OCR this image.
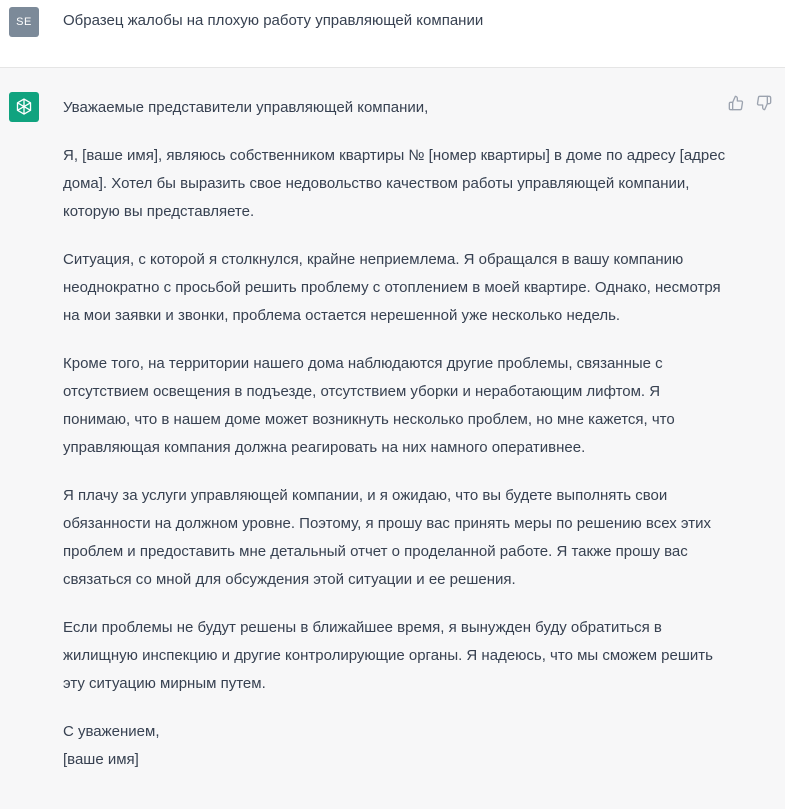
SE	Образец жалобы на плохую работу управляющей компании

Уважаемые представители управляющей компании,

Я, [ваше имя], являюсь собственником квартиры № [номер квартиры] в доме по адресу [адрес дома]. Хотел бы выразить свое недовольство качеством работы управляющей компании, которую вы представляете.

Ситуация, с которой я столкнулся, крайне неприемлема. Я обращался в вашу компанию неоднократно с просьбой решить проблему с отоплением в моей квартире. Однако, несмотря на мои заявки и звонки, проблема остается нерешенной уже несколько недель.

Кроме того, на территории нашего дома наблюдаются другие проблемы, связанные с отсутствием освещения в подъезде, отсутствием уборки и неработающим лифтом. Я понимаю, что в нашем доме может возникнуть несколько проблем, но мне кажется, что управляющая компания должна реагировать на них намного оперативнее.

Я плачу за услуги управляющей компании, и я ожидаю, что вы будете выполнять свои обязанности на должном уровне. Поэтому, я прошу вас принять меры по решению всех этих проблем и предоставить мне детальный отчет о проделанной работе. Я также прошу вас связаться со мной для обсуждения этой ситуации и ее решения.

Если проблемы не будут решены в ближайшее время, я вынужден буду обратиться в жилищную инспекцию и другие контролирующие органы. Я надеюсь, что мы сможем решить эту ситуацию мирным путем.

С уважением,
[ваше имя]
